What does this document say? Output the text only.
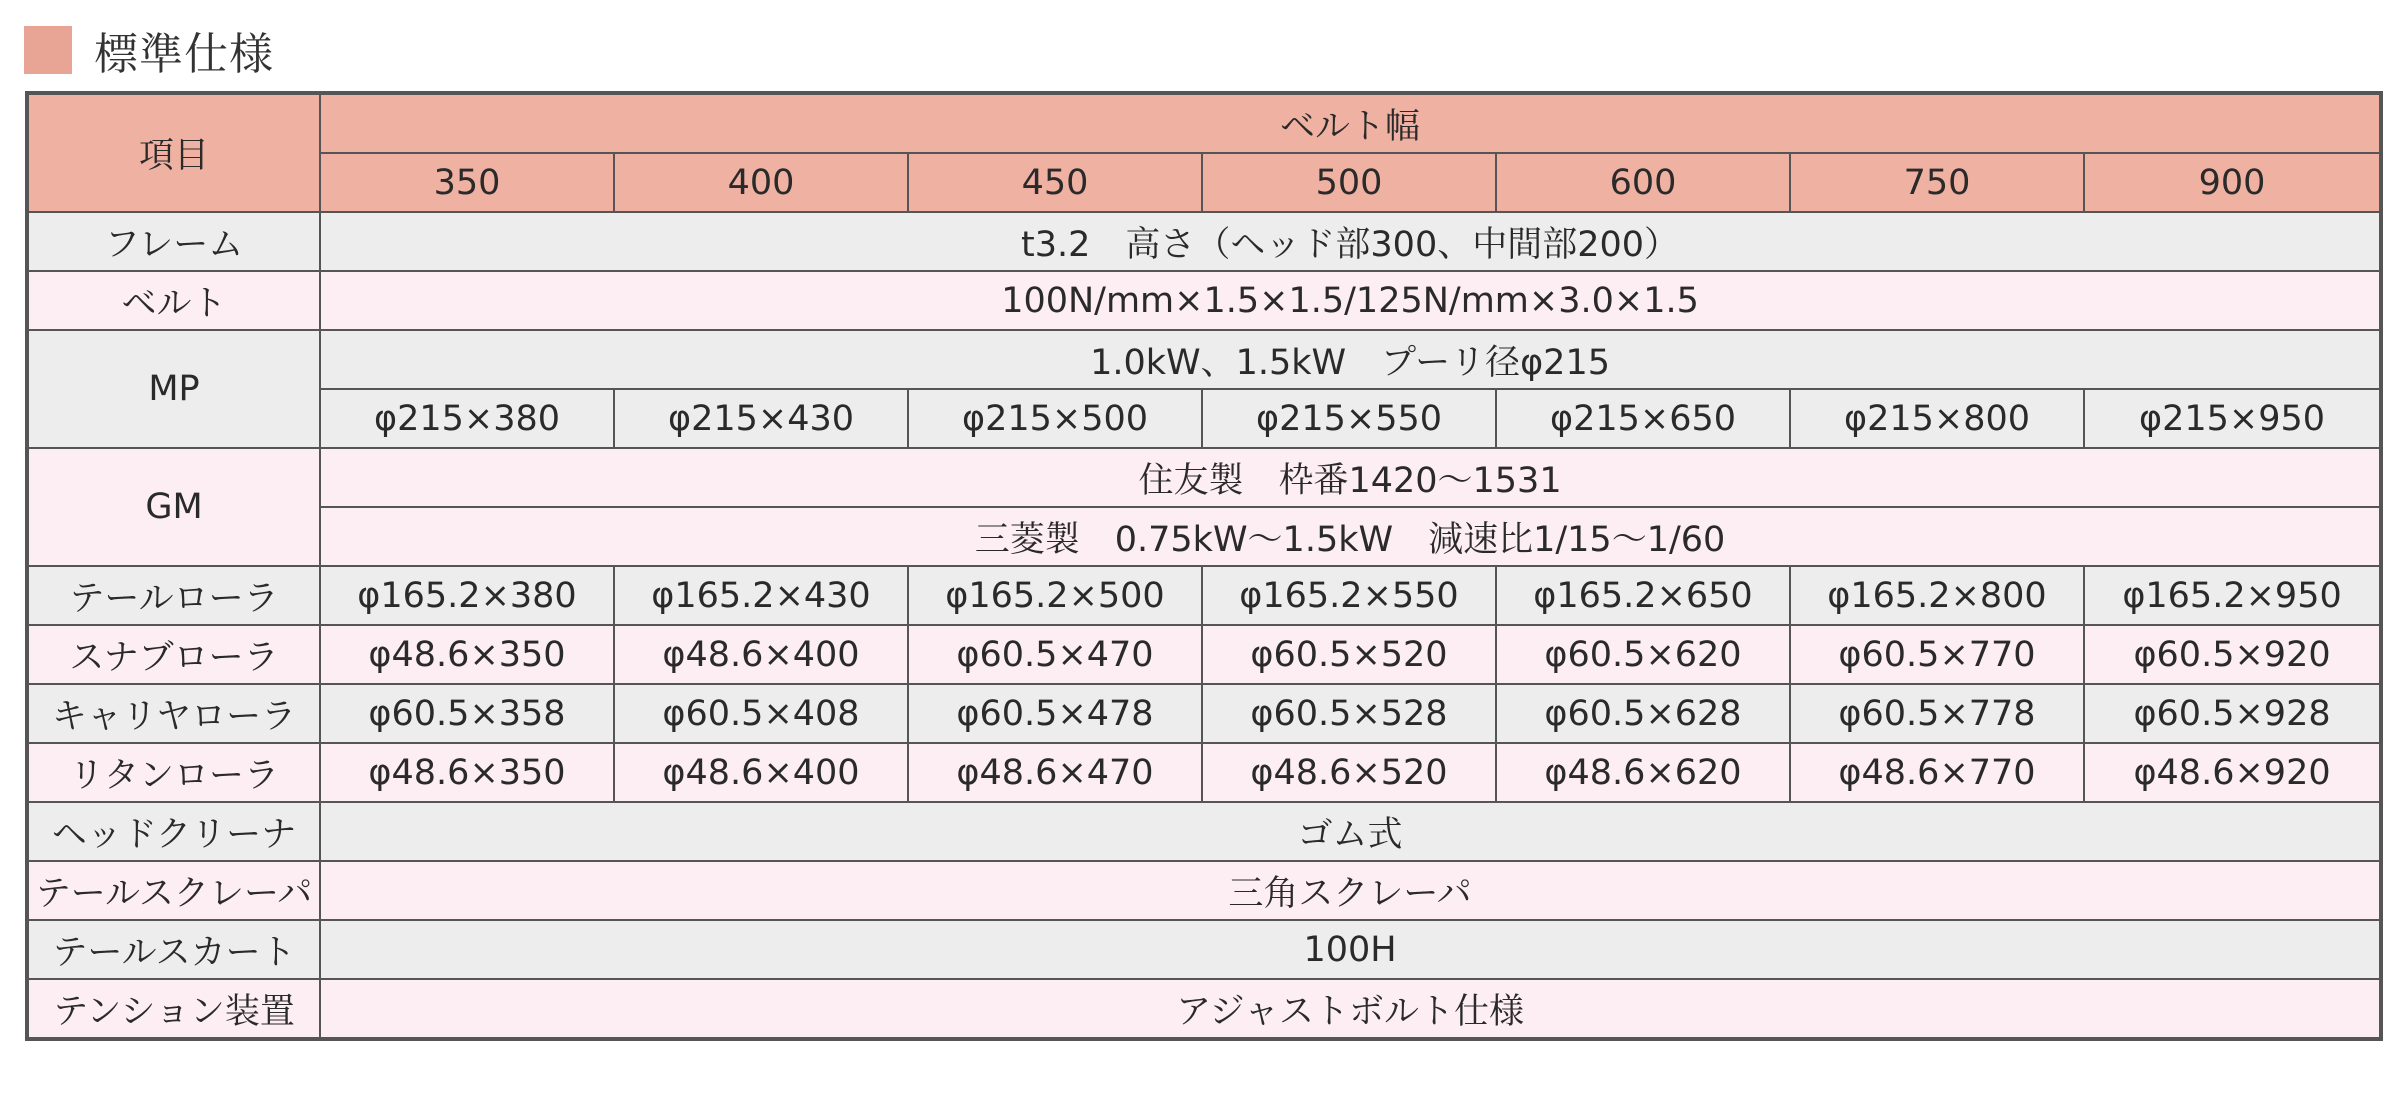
標準仕様
項目	ベルト幅						
	350	400	450	500	600	750	900
フレーム	t3.2　高さ（ヘッド部300、中間部200）						
ベルト	100N/mm×1.5×1.5/125N/mm×3.0×1.5						
MP	1.0kW、1.5kW　プーリ径φ215						
	φ215×380	φ215×430	φ215×500	φ215×550	φ215×650	φ215×800	φ215×950
GM	住友製　枠番1420～1531						
	三菱製　0.75kW～1.5kW　減速比1/15～1/60						
テールローラ	φ165.2×380	φ165.2×430	φ165.2×500	φ165.2×550	φ165.2×650	φ165.2×800	φ165.2×950
スナブローラ	φ48.6×350	φ48.6×400	φ60.5×470	φ60.5×520	φ60.5×620	φ60.5×770	φ60.5×920
キャリヤローラ	φ60.5×358	φ60.5×408	φ60.5×478	φ60.5×528	φ60.5×628	φ60.5×778	φ60.5×928
リタンローラ	φ48.6×350	φ48.6×400	φ48.6×470	φ48.6×520	φ48.6×620	φ48.6×770	φ48.6×920
ヘッドクリーナ	ゴム式						
テールスクレーパ	三角スクレーパ						
テールスカート	100H						
テンション装置	アジャストボルト仕様						
